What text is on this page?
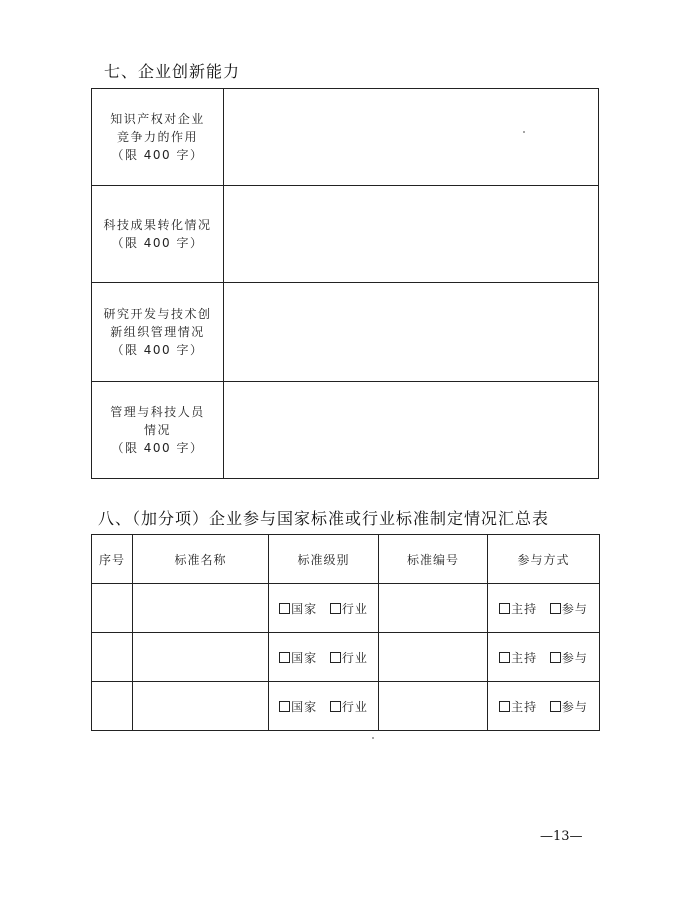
七、企业创新能力
知识产权对企业
竞争力的作用
（限 400 字）	

科技成果转化情况
（限 400 字）	

研究开发与技术创
新组织管理情况
（限 400 字）	

管理与科技人员
情况
（限 400 字）	

八、（加分项）企业参与国家标准或行业标准制定情况汇总表
序号	标准名称	标准级别	标准编号	参与方式
		国家 行业		主持 参与
		国家 行业		主持 参与
		国家 行业		主持 参与
—13—
